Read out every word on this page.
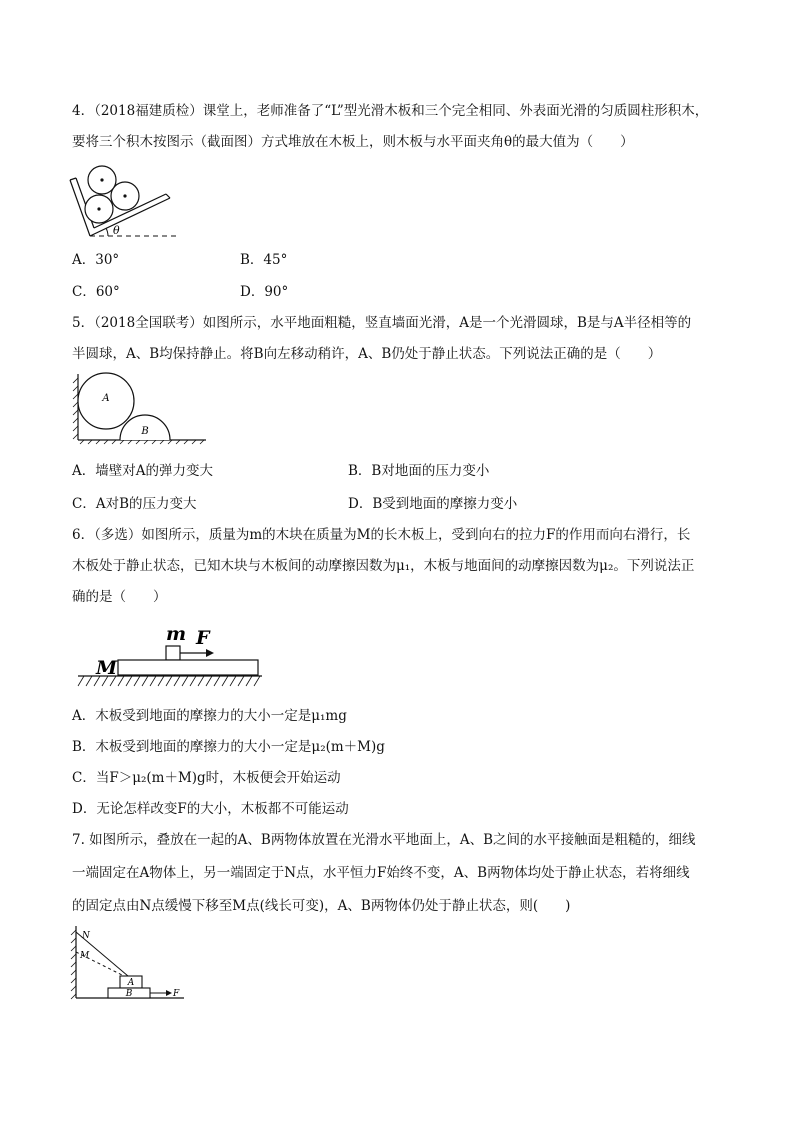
4．（2018福建质检）课堂上，老师准备了“L”型光滑木板和三个完全相同、外表面光滑的匀质圆柱形积木，
要将三个积木按图示（截面图）方式堆放在木板上，则木板与水平面夹角θ的最大值为（　　）
θ
A．30°	B．45°
C．60°	D．90°
5．（2018全国联考）如图所示，水平地面粗糙，竖直墙面光滑，A是一个光滑圆球，B是与A半径相等的
半圆球，A、B均保持静止。将B向左移动稍许，A、B仍处于静止状态。下列说法正确的是（　　）
A
B
A．墙壁对A的弹力变大	B．B对地面的压力变小
C．A对B的压力变大	D．B受到地面的摩擦力变小
6．（多选）如图所示，质量为m的木块在质量为M的长木板上，受到向右的拉力F的作用而向右滑行，长
木板处于静止状态，已知木块与木板间的动摩擦因数为μ₁，木板与地面间的动摩擦因数为μ₂。下列说法正
确的是（　　）
m F
M
A．木板受到地面的摩擦力的大小一定是μ₁mg
B．木板受到地面的摩擦力的大小一定是μ₂(m＋M)g
C．当F＞μ₂(m＋M)g时，木板便会开始运动
D．无论怎样改变F的大小，木板都不可能运动
7. 如图所示，叠放在一起的A、B两物体放置在光滑水平地面上，A、B之间的水平接触面是粗糙的，细线
一端固定在A物体上，另一端固定于N点，水平恒力F始终不变，A、B两物体均处于静止状态，若将细线
的固定点由N点缓慢下移至M点(线长可变)，A、B两物体仍处于静止状态，则(　　)
N
M
A
B	F
